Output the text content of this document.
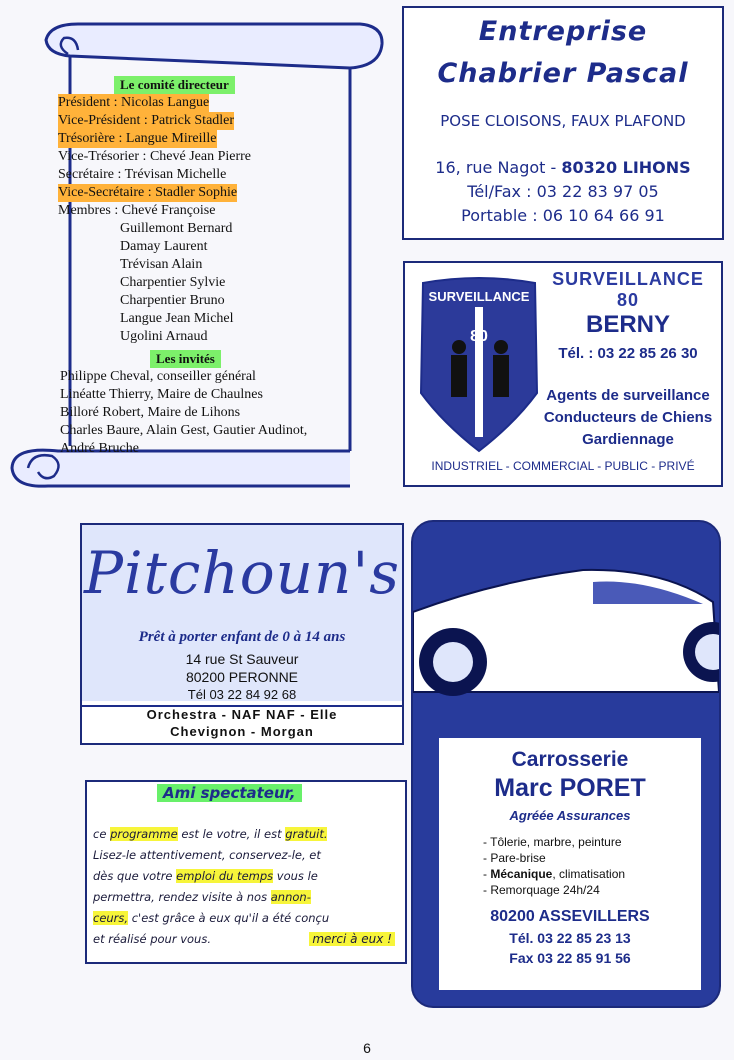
Le comité directeur
Président : Nicolas Langue
Vice-Président : Patrick Stadler
Trésorière : Langue Mireille
Vice-Trésorier : Chevé Jean Pierre
Secrétaire : Trévisan Michelle
Vice-Secrétaire : Stadler Sophie
Membres : Chevé Françoise
Guillemont Bernard
Damay Laurent
Trévisan Alain
Charpentier Sylvie
Charpentier Bruno
Langue Jean Michel
Ugolini Arnaud
Les invités
Philippe Cheval, conseiller général
Linéatte Thierry, Maire de Chaulnes
Billoré Robert, Maire de Lihons
Charles Baure, Alain Gest, Gautier Audinot,
André Bruche
Entreprise
Chabrier Pascal
POSE CLOISONS, FAUX PLAFOND
16, rue Nagot - 80320 LIHONS
Tél/Fax : 03 22 83 97 05
Portable : 06 10 64 66 91
SURVEILLANCE
80
SURVEILLANCE 80
BERNY
Tél. : 03 22 85 26 30
Agents de surveillance
Conducteurs de Chiens
Gardiennage
INDUSTRIEL - COMMERCIAL - PUBLIC - PRIVÉ
Pitchoun's
Prêt à porter enfant de 0 à 14 ans
14 rue St Sauveur
80200 PERONNE
Tél 03 22 84 92 68
Orchestra - NAF NAF - Elle
Chevignon - Morgan
Carrosserie
Marc PORET
Agréée Assurances
- Tôlerie, marbre, peinture
- Pare-brise
- Mécanique, climatisation
- Remorquage 24h/24
80200 ASSEVILLERS
Tél. 03 22 85 23 13
Fax 03 22 85 91 56
Ami spectateur,
ce programme est le votre, il est gratuit.
Lisez-le attentivement, conservez-le, et
dès que votre emploi du temps vous le
permettra, rendez visite à nos annon-
ceurs, c'est grâce à eux qu'il a été conçu
et réalisé pour vous.	merci à eux !
6
